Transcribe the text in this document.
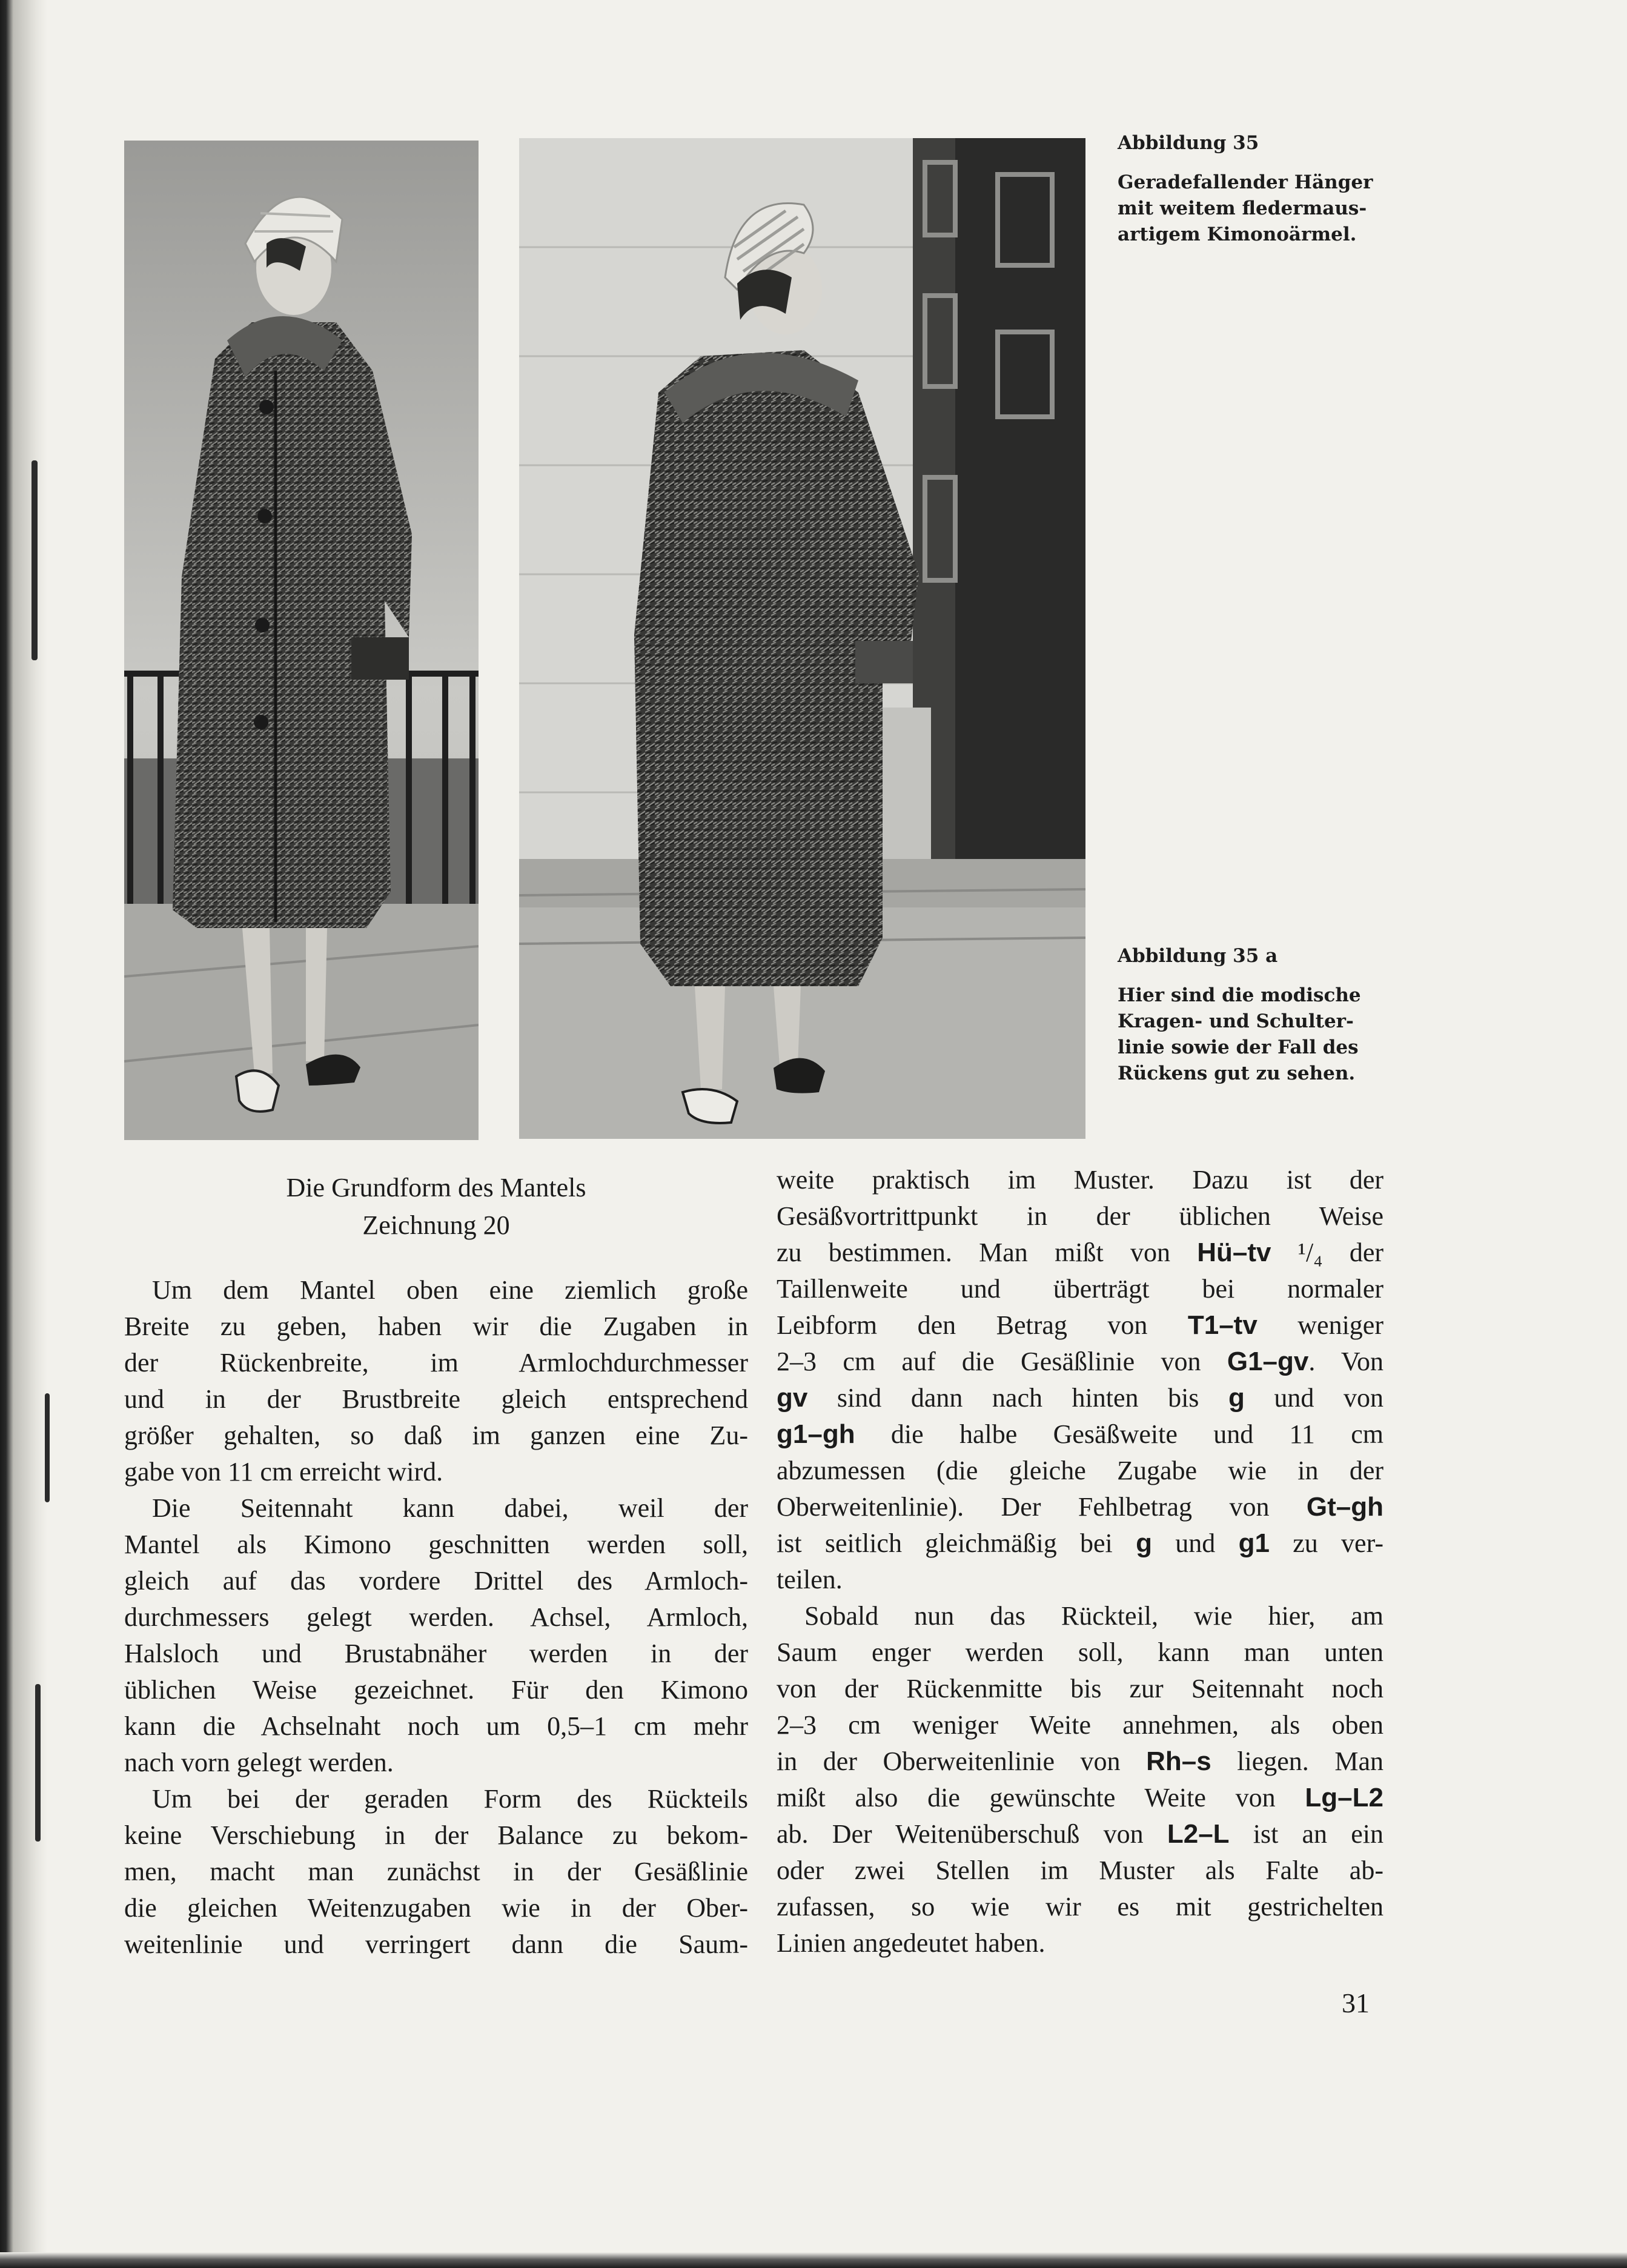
Abbildung 35
Geradefallender Hänger
mit weitem fledermaus-
artigem Kimonoärmel.
Abbildung 35 a
Hier sind die modische
Kragen- und Schulter-
linie sowie der Fall des
Rückens gut zu sehen.
Die Grundform des Mantels
Zeichnung 20
Um dem Mantel oben eine ziemlich große
Breite zu geben, haben wir die Zugaben in
der Rückenbreite, im Armlochdurchmesser
und in der Brustbreite gleich entsprechend
größer gehalten, so daß im ganzen eine Zu-
gabe von 11 cm erreicht wird.
Die Seitennaht kann dabei, weil der
Mantel als Kimono geschnitten werden soll,
gleich auf das vordere Drittel des Armloch-
durchmessers gelegt werden. Achsel, Armloch,
Halsloch und Brustabnäher werden in der
üblichen Weise gezeichnet. Für den Kimono
kann die Achselnaht noch um 0,5–1 cm mehr
nach vorn gelegt werden.
Um bei der geraden Form des Rückteils
keine Verschiebung in der Balance zu bekom-
men, macht man zunächst in der Gesäßlinie
die gleichen Weitenzugaben wie in der Ober-
weitenlinie und verringert dann die Saum-
weite praktisch im Muster. Dazu ist der
Gesäßvortrittpunkt in der üblichen Weise
zu bestimmen. Man mißt von Hü–tv ¹/₄ der
Taillenweite und überträgt bei normaler
Leibform den Betrag von T1–tv weniger
2–3 cm auf die Gesäßlinie von G1–gv. Von
gv sind dann nach hinten bis g und von
g1–gh die halbe Gesäßweite und 11 cm
abzumessen (die gleiche Zugabe wie in der
Oberweitenlinie). Der Fehlbetrag von Gt–gh
ist seitlich gleichmäßig bei g und g1 zu ver-
teilen.
Sobald nun das Rückteil, wie hier, am
Saum enger werden soll, kann man unten
von der Rückenmitte bis zur Seitennaht noch
2–3 cm weniger Weite annehmen, als oben
in der Oberweitenlinie von Rh–s liegen. Man
mißt also die gewünschte Weite von Lg–L2
ab. Der Weitenüberschuß von L2–L ist an ein
oder zwei Stellen im Muster als Falte ab-
zufassen, so wie wir es mit gestrichelten
Linien angedeutet haben.
31
